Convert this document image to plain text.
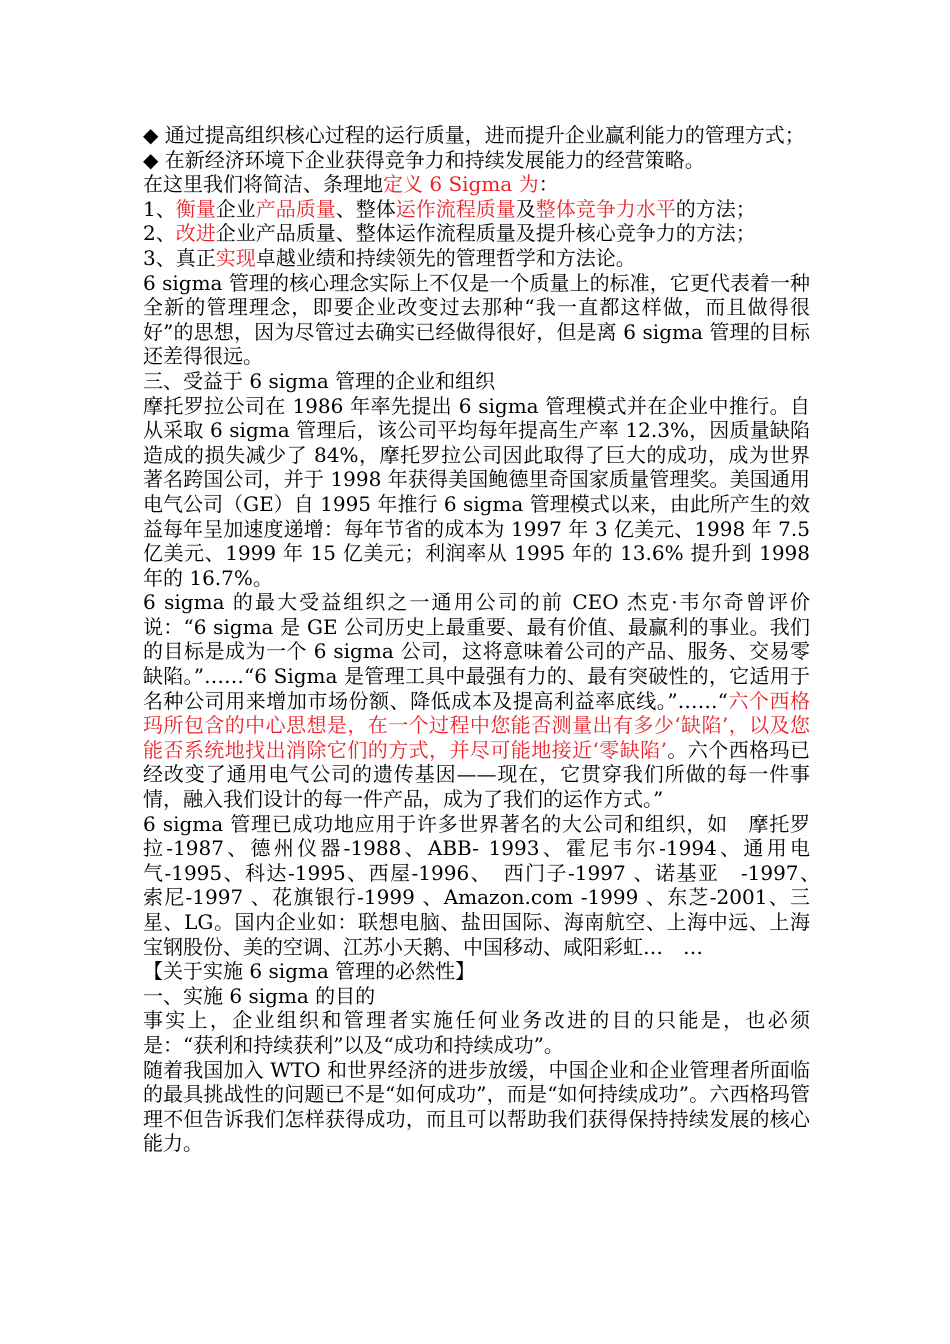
◆ 通过提高组织核心过程的运行质量，进而提升企业赢利能力的管理方式；

◆ 在新经济环境下企业获得竞争力和持续发展能力的经营策略。

在这里我们将简洁、条理地定义 6 Sigma 为：

1、衡量企业产品质量、整体运作流程质量及整体竞争力水平的方法；

2、改进企业产品质量、整体运作流程质量及提升核心竞争力的方法；

3、真正实现卓越业绩和持续领先的管理哲学和方法论。

6 sigma 管理的核心理念实际上不仅是一个质量上的标准，它更代表着一种全新的管理理念，即要企业改变过去那种“我一直都这样做，而且做得很好”的思想，因为尽管过去确实已经做得很好，但是离 6 sigma 管理的目标还差得很远。

三、受益于 6 sigma 管理的企业和组织

摩托罗拉公司在 1986 年率先提出 6 sigma 管理模式并在企业中推行。自从采取 6 sigma 管理后，该公司平均每年提高生产率 12.3%，因质量缺陷造成的损失减少了 84%，摩托罗拉公司因此取得了巨大的成功，成为世界著名跨国公司，并于 1998 年获得美国鲍德里奇国家质量管理奖。美国通用电气公司（GE）自 1995 年推行 6 sigma 管理模式以来，由此所产生的效益每年呈加速度递增：每年节省的成本为 1997 年 3 亿美元、1998 年 7.5 亿美元、1999 年 15 亿美元；利润率从 1995 年的 13.6% 提升到 1998 年的 16.7%。

6 sigma 的最大受益组织之一通用公司的前 CEO 杰克·韦尔奇曾评价说：“6 sigma 是 GE 公司历史上最重要、最有价值、最赢利的事业。我们的目标是成为一个 6 sigma 公司，这将意味着公司的产品、服务、交易零缺陷。”……“6 Sigma 是管理工具中最强有力的、最有突破性的，它适用于名种公司用来增加市场份额、降低成本及提高利益率底线。”……“六个西格玛所包含的中心思想是，在一个过程中您能否测量出有多少‘缺陷’，以及您能否系统地找出消除它们的方式，并尽可能地接近‘零缺陷’。六个西格玛已经改变了通用电气公司的遗传基因——现在，它贯穿我们所做的每一件事情，融入我们设计的每一件产品，成为了我们的运作方式。”

6 sigma 管理已成功地应用于许多世界著名的大公司和组织，如　摩托罗拉-1987、德州仪器-1988、ABB- 1993、霍尼韦尔-1994、通用电气-1995、科达-1995、西屋-1996、　西门子-1997 、诺基亚　-1997、　索尼-1997 、花旗银行-1999 、Amazon.com -1999 、东芝-2001、三星、LG。国内企业如：联想电脑、盐田国际、海南航空、上海中远、上海宝钢股份、美的空调、江苏小天鹅、中国移动、咸阳彩虹…　…

【关于实施 6 sigma 管理的必然性】

一、实施 6 sigma 的目的

事实上，企业组织和管理者实施任何业务改进的目的只能是，也必须是：“获利和持续获利”以及“成功和持续成功”。

随着我国加入 WTO 和世界经济的进步放缓，中国企业和企业管理者所面临的最具挑战性的问题已不是“如何成功”，而是“如何持续成功”。六西格玛管理不但告诉我们怎样获得成功，而且可以帮助我们获得保持持续发展的核心能力。
